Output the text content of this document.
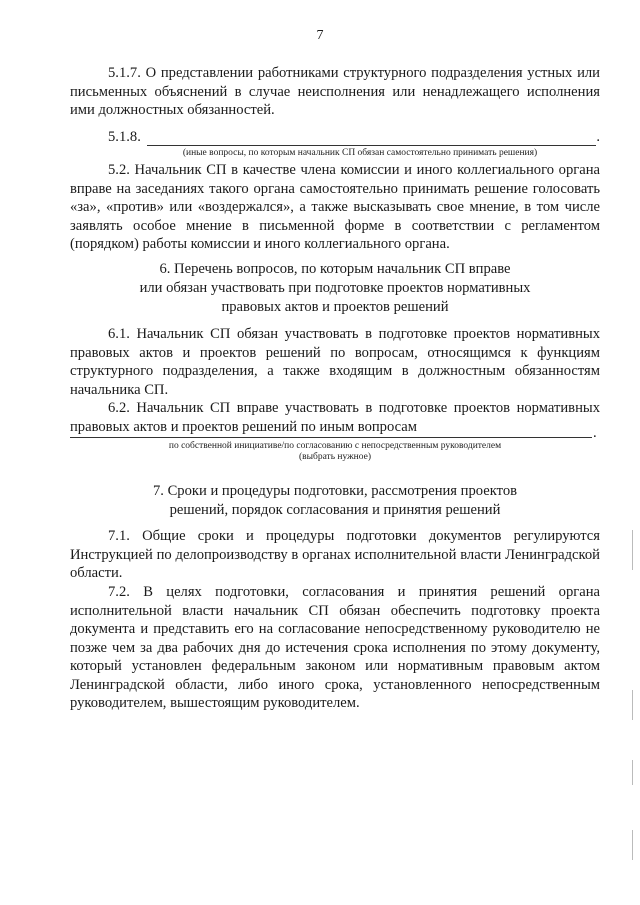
7

5.1.7. О представлении работниками структурного подразделения устных или письменных объяснений в случае неисполнения или ненадлежащего исполнения ими должностных обязанностей.

5.1.8.	.
(иные вопросы, по которым начальник СП обязан самостоятельно принимать решения)

5.2. Начальник СП в качестве члена комиссии и иного коллегиального органа вправе на заседаниях такого органа самостоятельно принимать решение голосовать «за», «против» или «воздержался», а также высказывать свое мнение, в том числе заявлять особое мнение в письменной форме в соответствии с регламентом (порядком) работы комиссии и иного коллегиального органа.

6. Перечень вопросов, по которым начальник СП вправе
или обязан участвовать при подготовке проектов нормативных
правовых актов и проектов решений

6.1. Начальник СП обязан участвовать в подготовке проектов нормативных правовых актов и проектов решений по вопросам, относящимся к функциям структурного подразделения, а также входящим в должностным обязанностям начальника СП.

6.2. Начальник СП вправе участвовать в подготовке проектов нормативных правовых актов и проектов решений по иным вопросам	.
по собственной инициативе/по согласованию с непосредственным руководителем
(выбрать нужное)
7. Сроки и процедуры подготовки, рассмотрения проектов
решений, порядок согласования и принятия решений

7.1. Общие сроки и процедуры подготовки документов регулируются Инструкцией по делопроизводству в органах исполнительной власти Ленинградской области.

7.2. В целях подготовки, согласования и принятия решений органа исполнительной власти начальник СП обязан обеспечить подготовку проекта документа и представить его на согласование непосредственному руководителю не позже чем за два рабочих дня до истечения срока исполнения по этому документу, который установлен федеральным законом или нормативным правовым актом Ленинградской области, либо иного срока, установленного непосредственным руководителем, вышестоящим руководителем.
